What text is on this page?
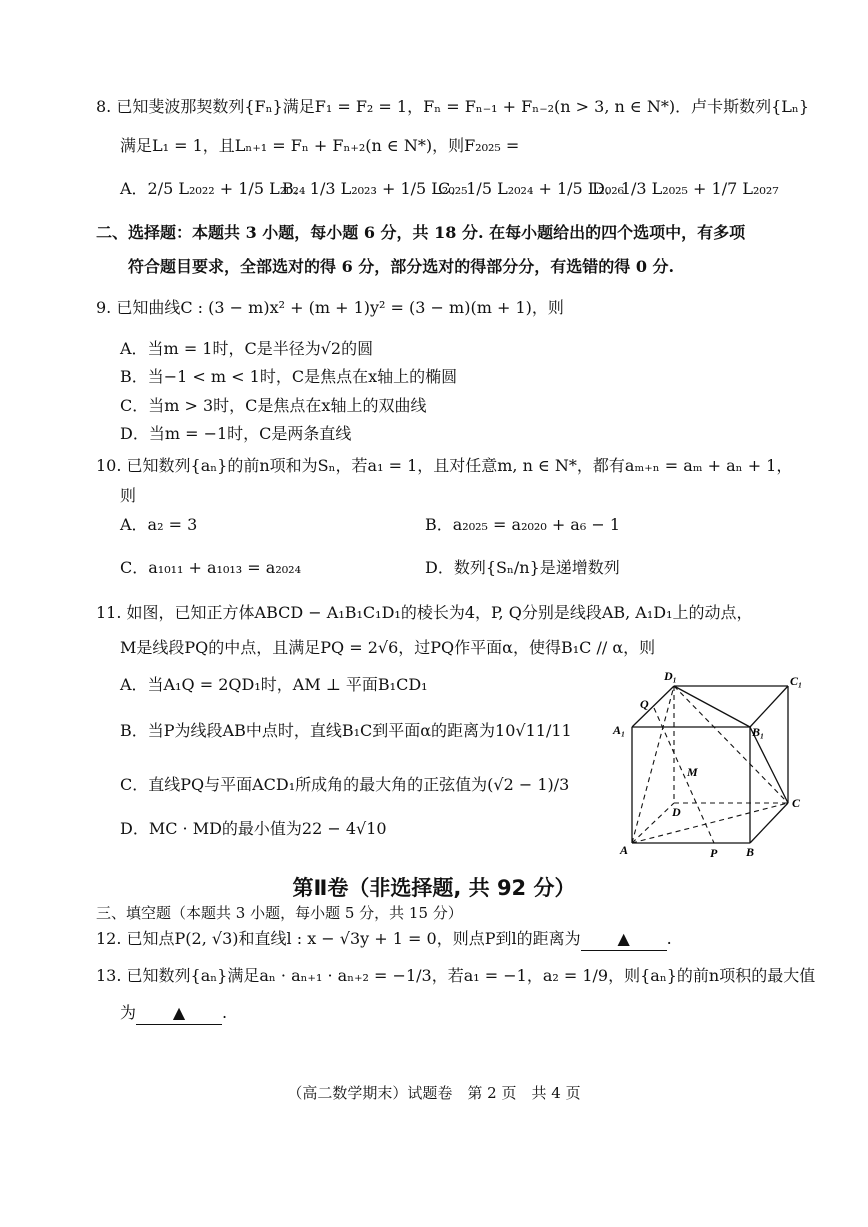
8. 已知斐波那契数列{Fₙ}满足F₁ = F₂ = 1，Fₙ = Fₙ₋₁ + Fₙ₋₂(n > 3, n ∈ N*)．卢卡斯数列{Lₙ}
满足L₁ = 1，且Lₙ₊₁ = Fₙ + Fₙ₊₂(n ∈ N*)，则F₂₀₂₅ =
A．2/5 L₂₀₂₂ + 1/5 L₂₀₂₄
B．1/3 L₂₀₂₃ + 1/5 L₂₀₂₅
C．1/5 L₂₀₂₄ + 1/5 L₂₀₂₆
D．1/3 L₂₀₂₅ + 1/7 L₂₀₂₇
二、选择题：本题共 3 小题，每小题 6 分，共 18 分. 在每小题给出的四个选项中，有多项
符合题目要求，全部选对的得 6 分，部分选对的得部分分，有选错的得 0 分.
9. 已知曲线C : (3 − m)x² + (m + 1)y² = (3 − m)(m + 1)，则
A．当m = 1时，C是半径为√2的圆
B．当−1 < m < 1时，C是焦点在x轴上的椭圆
C．当m > 3时，C是焦点在x轴上的双曲线
D．当m = −1时，C是两条直线
10. 已知数列{aₙ}的前n项和为Sₙ，若a₁ = 1，且对任意m, n ∈ N*，都有aₘ₊ₙ = aₘ + aₙ + 1，
则
A．a₂ = 3	B．a₂₀₂₅ = a₂₀₂₀ + a₆ − 1
C．a₁₀₁₁ + a₁₀₁₃ = a₂₀₂₄	D．数列{Sₙ/n}是递增数列
11. 如图，已知正方体ABCD − A₁B₁C₁D₁的棱长为4，P, Q分别是线段AB, A₁D₁上的动点，
M是线段PQ的中点，且满足PQ = 2√6，过PQ作平面α，使得B₁C // α，则
A．当A₁Q = 2QD₁时，AM ⊥ 平面B₁CD₁
B．当P为线段AB中点时，直线B₁C到平面α的距离为10√11/11
C．直线PQ与平面ACD₁所成角的最大角的正弦值为(√2 − 1)/3
D．MC · MD的最小值为22 − 4√10
D₁	C₁
A₁	B₁
Q
M
D
C
A	P B
第Ⅱ卷（非选择题, 共 92 分）
三、填空题（本题共 3 小题，每小题 5 分，共 15 分）
12. 已知点P(2, √3)和直线l : x − √3y + 1 = 0，则点P到l的距离为 ▲ .
13. 已知数列{aₙ}满足aₙ · aₙ₊₁ · aₙ₊₂ = −1/3，若a₁ = −1，a₂ = 1/9，则{aₙ}的前n项积的最大值
为 ▲ .
（高二数学期末）试题卷　第 2 页　共 4 页
